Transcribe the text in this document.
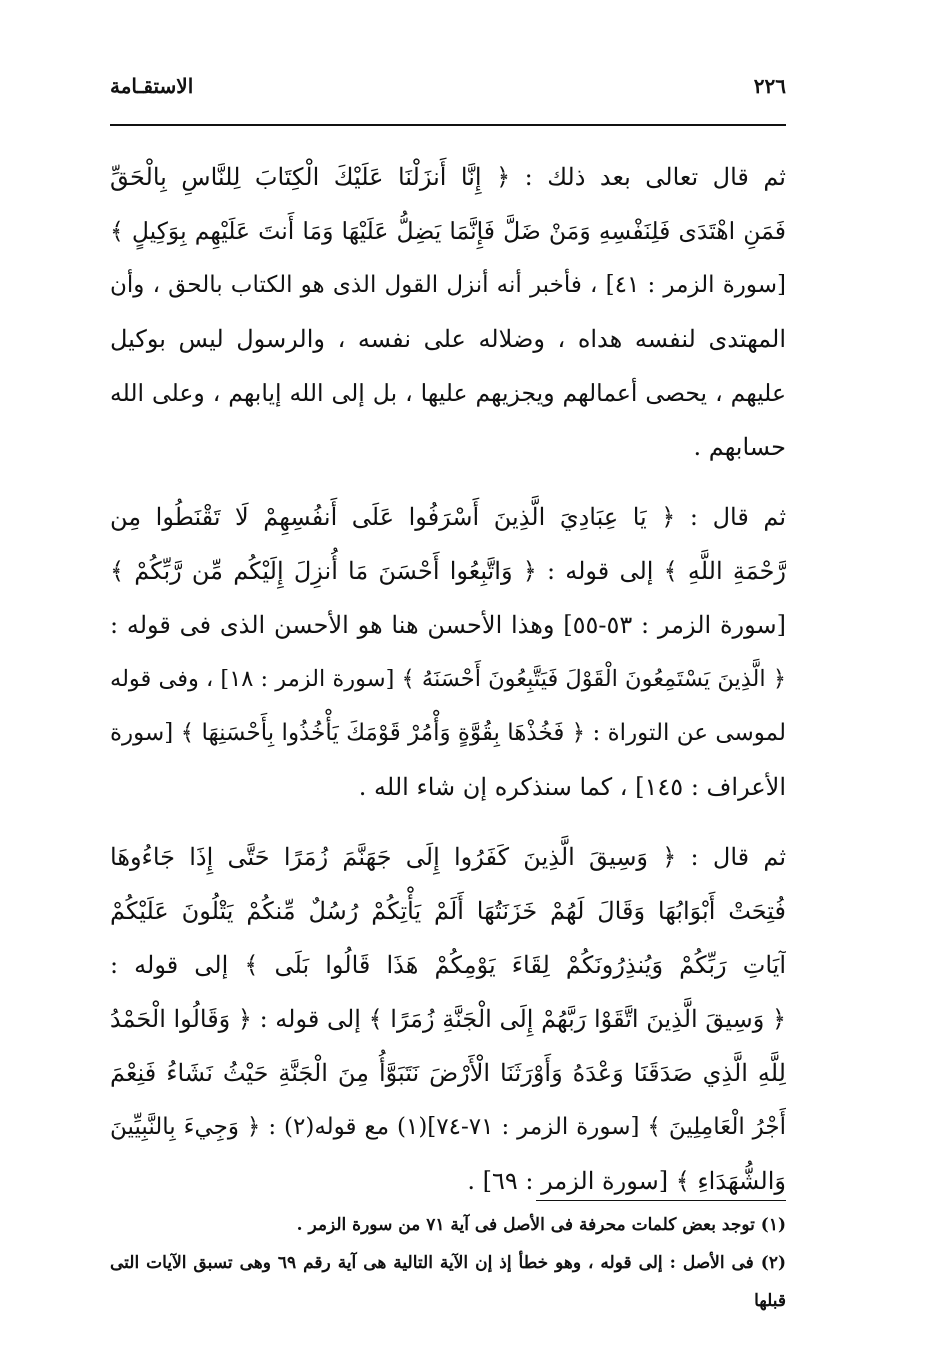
٢٢٦
الاستقـامة
ثم قال تعالى بعد ذلك : ﴿ إِنَّا أَنزَلْنَا عَلَيْكَ الْكِتَابَ لِلنَّاسِ بِالْحَقِّ
فَمَنِ اهْتَدَى فَلِنَفْسِهِ وَمَنْ ضَلَّ فَإِنَّمَا يَضِلُّ عَلَيْهَا وَمَا أَنتَ عَلَيْهِم بِوَكِيلٍ ﴾
[سورة الزمر : ٤١] ، فأخبر أنه أنزل القول الذى هو الكتاب بالحق ، وأن
المهتدى لنفسه هداه ، وضلاله على نفسه ، والرسول ليس بوكيل
عليهم ، يحصى أعمالهم ويجزيهم عليها ، بل إلى الله إيابهم ، وعلى الله
حسابهم .
ثم قال : ﴿ يَا عِبَادِيَ الَّذِينَ أَسْرَفُوا عَلَى أَنفُسِهِمْ لَا تَقْنَطُوا مِن
رَّحْمَةِ اللَّهِ ﴾ إلى قوله : ﴿ وَاتَّبِعُوا أَحْسَنَ مَا أُنزِلَ إِلَيْكُم مِّن رَّبِّكُمْ ﴾
[سورة الزمر : ٥٣-٥٥] وهذا الأحسن هنا هو الأحسن الذى فى قوله :
﴿ الَّذِينَ يَسْتَمِعُونَ الْقَوْلَ فَيَتَّبِعُونَ أَحْسَنَهُ ﴾ [سورة الزمر : ١٨] ، وفى قوله
لموسى عن التوراة : ﴿ فَخُذْهَا بِقُوَّةٍ وَأْمُرْ قَوْمَكَ يَأْخُذُوا بِأَحْسَنِهَا ﴾ [سورة
الأعراف : ١٤٥] ، كما سنذكره إن شاء الله .
ثم قال : ﴿ وَسِيقَ الَّذِينَ كَفَرُوا إِلَى جَهَنَّمَ زُمَرًا حَتَّى إِذَا جَاءُوهَا
فُتِحَتْ أَبْوَابُهَا وَقَالَ لَهُمْ خَزَنَتُهَا أَلَمْ يَأْتِكُمْ رُسُلٌ مِّنكُمْ يَتْلُونَ عَلَيْكُمْ
آيَاتِ رَبِّكُمْ وَيُنذِرُونَكُمْ لِقَاءَ يَوْمِكُمْ هَذَا قَالُوا بَلَى ﴾ إلى قوله :
﴿ وَسِيقَ الَّذِينَ اتَّقَوْا رَبَّهُمْ إِلَى الْجَنَّةِ زُمَرًا ﴾ إلى قوله : ﴿ وَقَالُوا الْحَمْدُ
لِلَّهِ الَّذِي صَدَقَنَا وَعْدَهُ وَأَوْرَثَنَا الْأَرْضَ نَتَبَوَّأُ مِنَ الْجَنَّةِ حَيْثُ نَشَاءُ فَنِعْمَ
أَجْرُ الْعَامِلِينَ ﴾ [سورة الزمر : ٧١-٧٤](١) مع قوله(٢) : ﴿ وَجِيءَ بِالنَّبِيِّينَ
وَالشُّهَدَاءِ ﴾ [سورة الزمر : ٦٩] .
(١) توجد بعض كلمات محرفة فى الأصل فى آية ٧١ من سورة الزمر .
(٢) فى الأصل : إلى قوله ، وهو خطأ إذ إن الآية التالية هى آية رقم ٦٩ وهى تسبق الآيات التى
قبلها
